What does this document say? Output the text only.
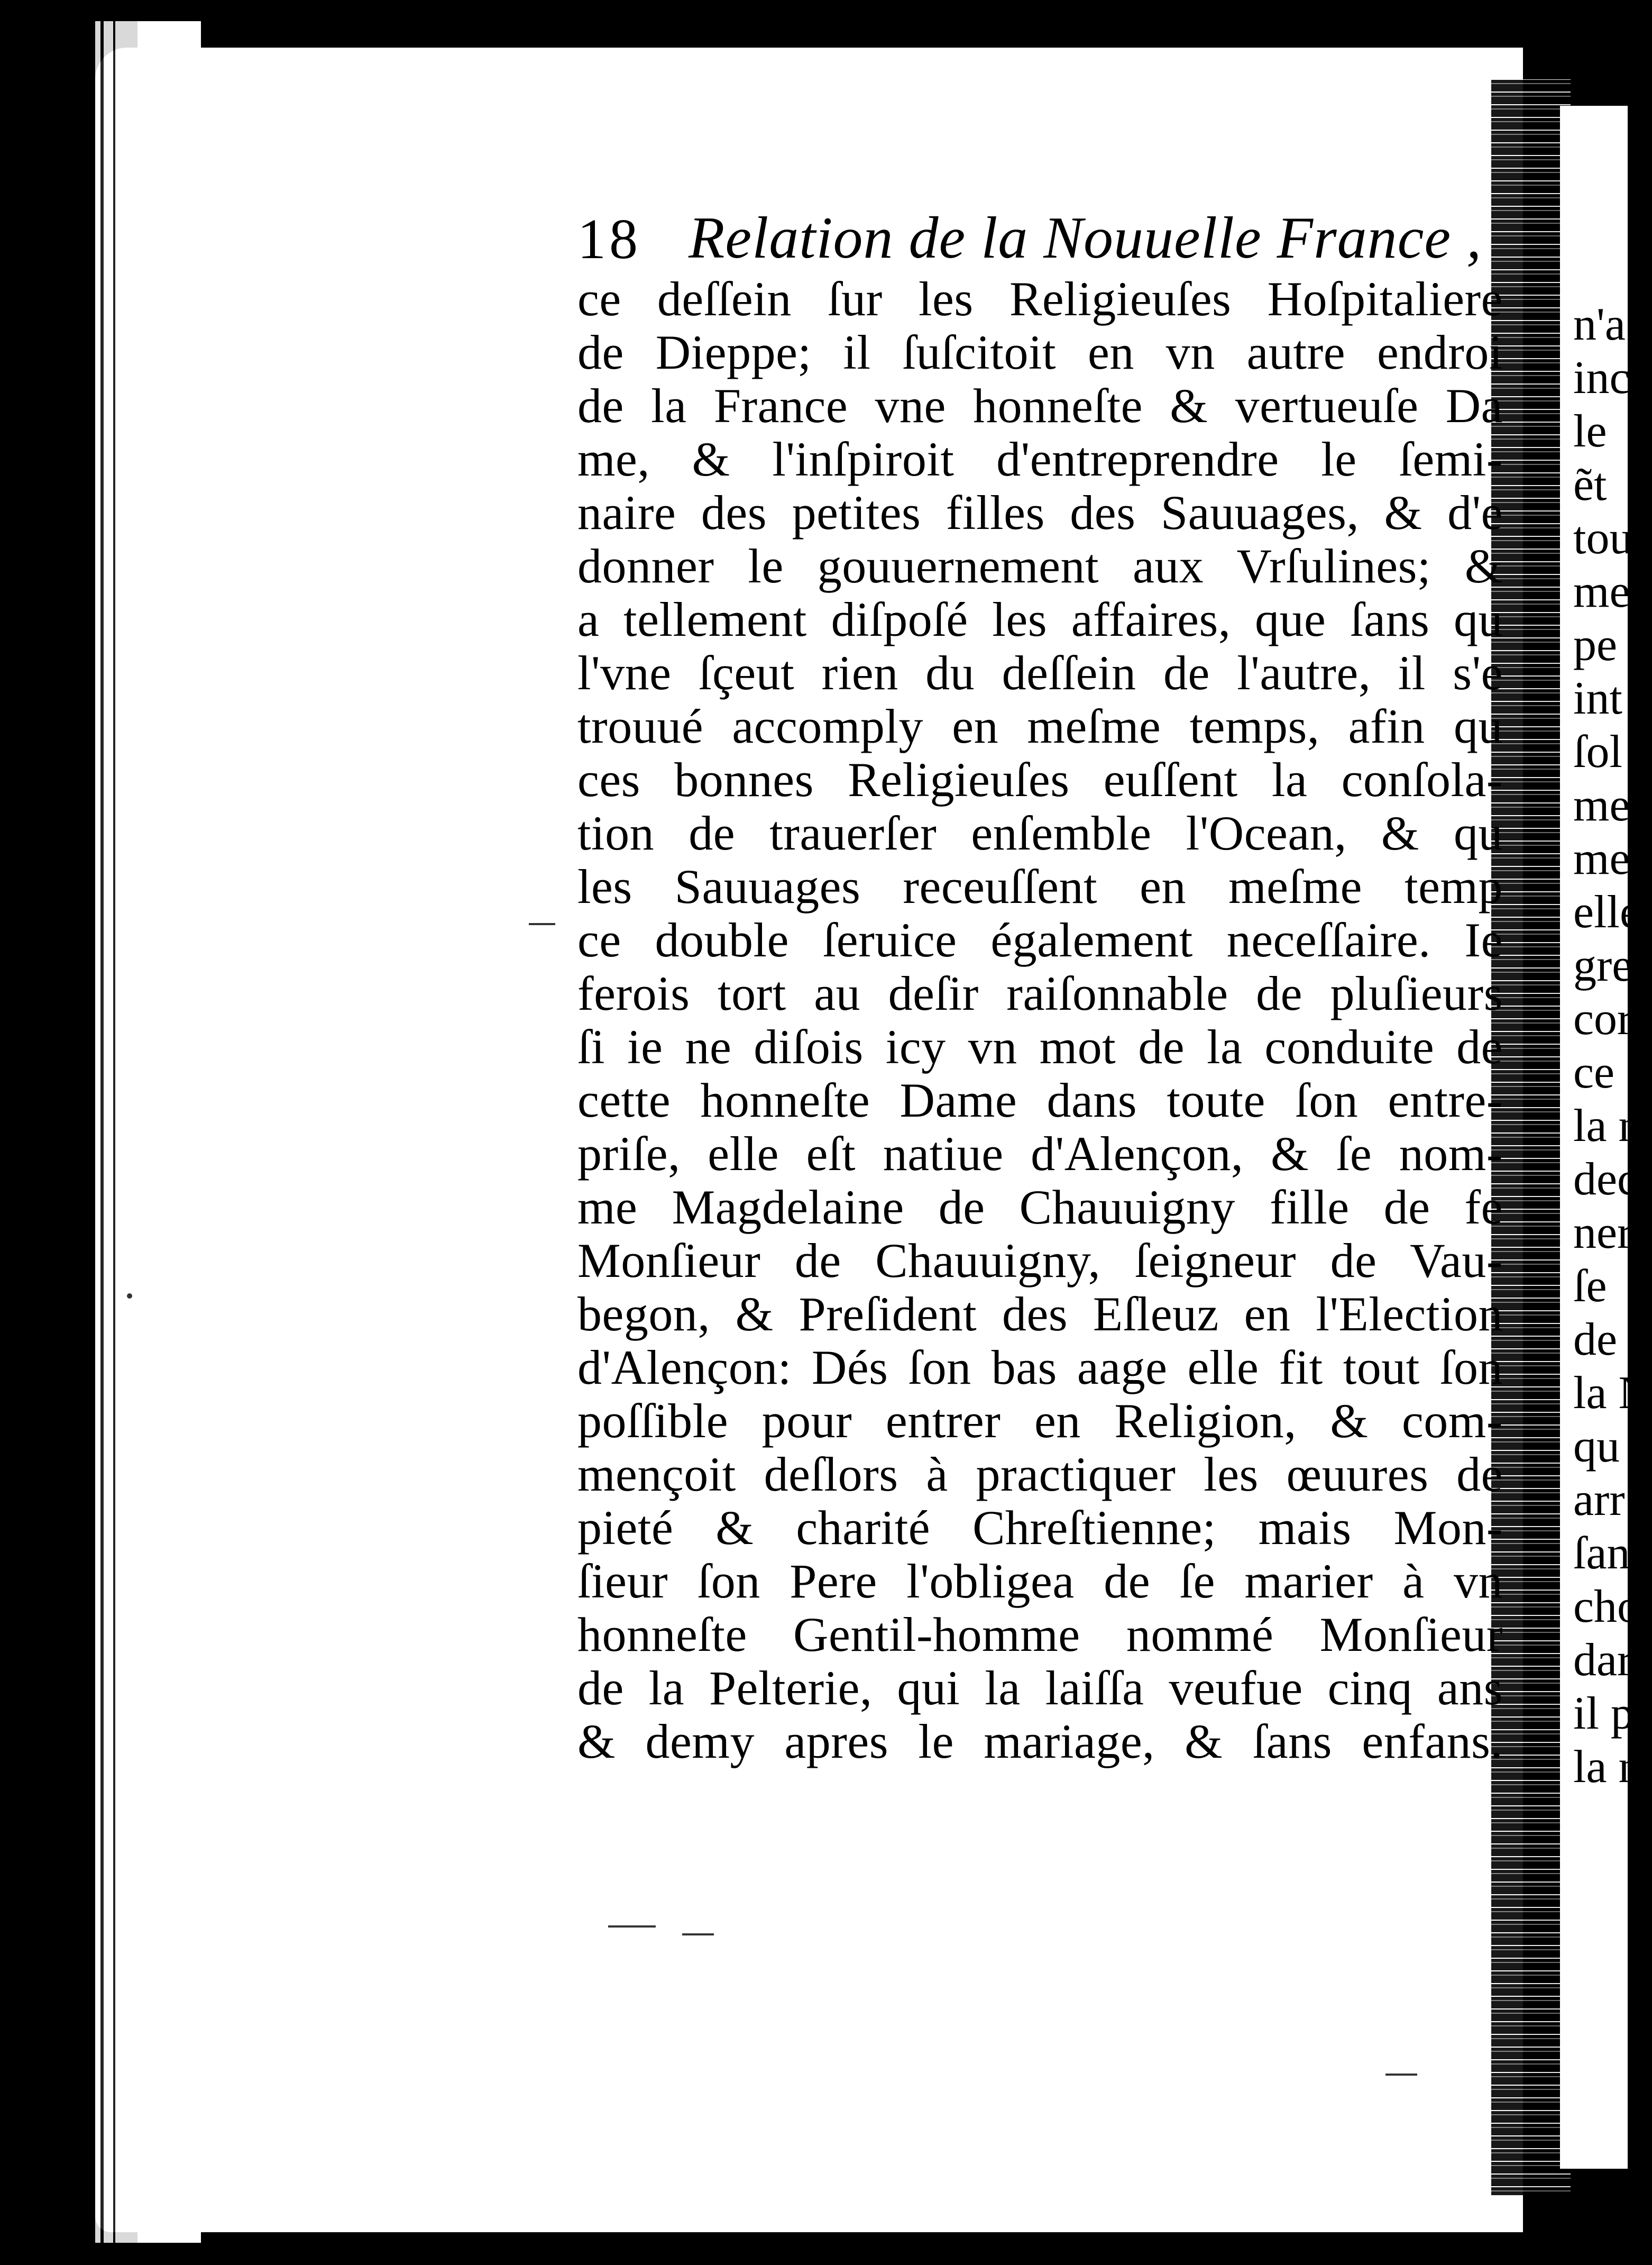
n'a
inc
le
ẽt
tou
me
pe
int
ſol
me
me
elle
gre
cor
ce
la n
dec
ner
ſe
de
la N
qu
arr
ſan
cho
dar
il p
la n
18 Relation de la Nouuelle France ,
ce deſſein ſur les Religieuſes Hoſpitaliere
de Dieppe; il ſuſcitoit en vn autre endroi
de la France vne honneſte & vertueuſe Da
me, & l'inſpiroit d'entreprendre le ſemi-
naire des petites filles des Sauuages, & d'e
donner le gouuernement aux Vrſulines; &
a tellement diſpoſé les affaires, que ſans qu
l'vne ſçeut rien du deſſein de l'autre, il s'e
trouué accomply en meſme temps, afin qu
ces bonnes Religieuſes euſſent la conſola-
tion de trauerſer enſemble l'Ocean, & qu
les Sauuages receuſſent en meſme temp
ce double ſeruice également neceſſaire. Ie
ferois tort au deſir raiſonnable de pluſieurs
ſi ie ne diſois icy vn mot de la conduite de
cette honneſte Dame dans toute ſon entre-
priſe, elle eſt natiue d'Alençon, & ſe nom-
me Magdelaine de Chauuigny fille de fe
Monſieur de Chauuigny, ſeigneur de Vau-
begon, & Preſident des Eſleuz en l'Election
d'Alençon: Dés ſon bas aage elle fit tout ſon
poſſible pour entrer en Religion, & com-
mençoit deſlors à practiquer les œuures de
pieté & charité Chreſtienne; mais Mon-
ſieur ſon Pere l'obligea de ſe marier à vn
honneſte Gentil-homme nommé Monſieur
de la Pelterie, qui la laiſſa veufue cinq ans
& demy apres le mariage, & ſans enfans.
